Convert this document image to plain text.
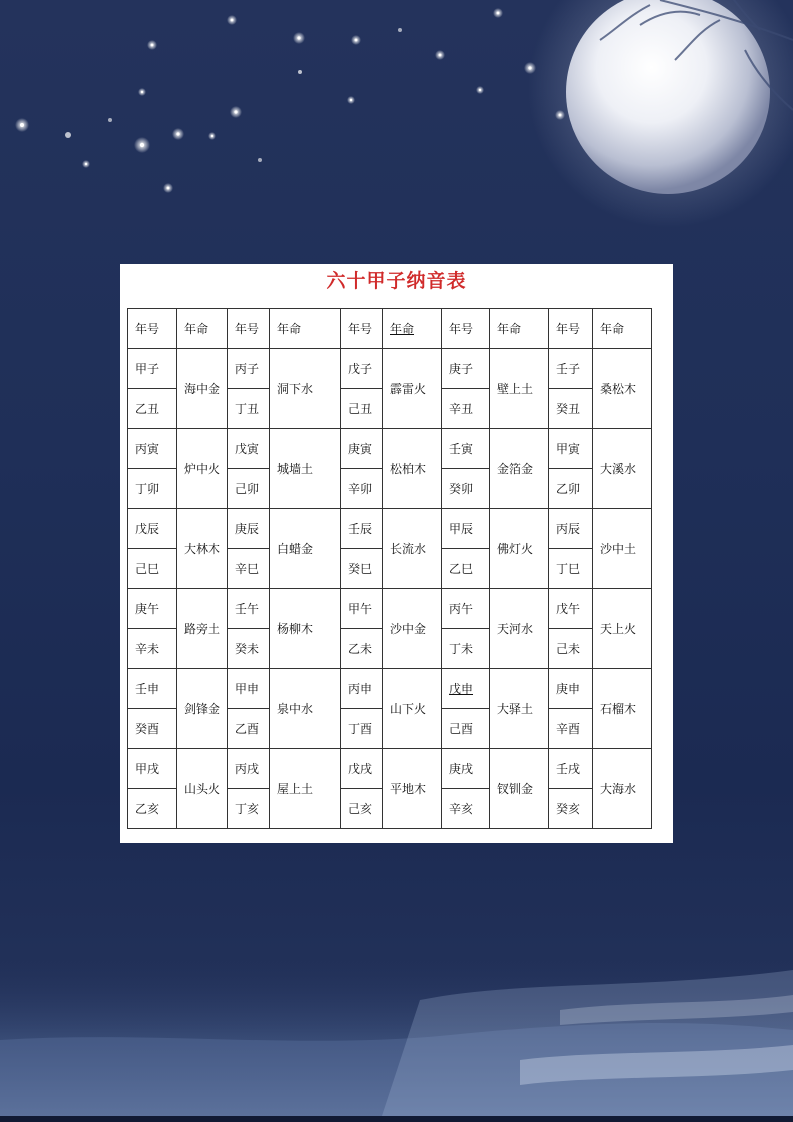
六十甲子纳音表
年号	年命	年号	年命	年号	年命	年号	年命	年号	年命
甲子	海中金	丙子	洞下水	戊子	霹雷火	庚子	壁上土	壬子	桑松木
乙丑		丁丑		己丑		辛丑		癸丑	
丙寅	炉中火	戊寅	城墙土	庚寅	松柏木	壬寅	金箔金	甲寅	大溪水
丁卯		己卯		辛卯		癸卯		乙卯	
戊辰	大林木	庚辰	白蜡金	壬辰	长流水	甲辰	佛灯火	丙辰	沙中土
己巳		辛巳		癸巳		乙巳		丁巳	
庚午	路旁土	壬午	杨柳木	甲午	沙中金	丙午	天河水	戊午	天上火
辛未		癸未		乙未		丁未		己未	
壬申	剑锋金	甲申	泉中水	丙申	山下火	戊申	大驿土	庚申	石榴木
癸酉		乙酉		丁酉		己酉		辛酉	
甲戌	山头火	丙戌	屋上土	戊戌	平地木	庚戌	钗钏金	壬戌	大海水
乙亥		丁亥		己亥		辛亥		癸亥	
